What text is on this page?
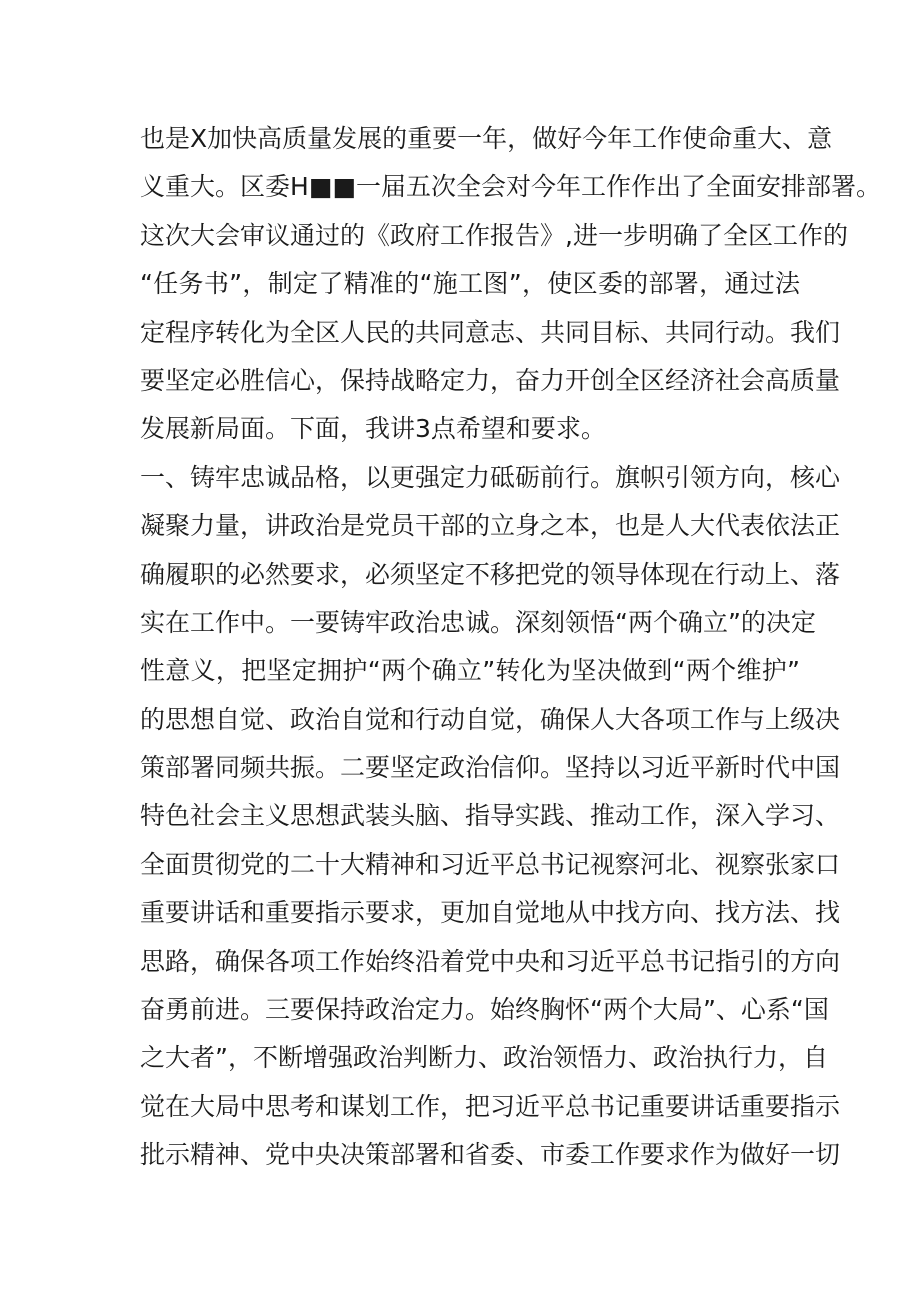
也是X加快高质量发展的重要一年，做好今年工作使命重大、意
义重大。区委H■■一届五次全会对今年工作作出了全面安排部署。
这次大会审议通过的《政府工作报告》,进一步明确了全区工作的
“任务书”，制定了精准的“施工图”，使区委的部署，通过法
定程序转化为全区人民的共同意志、共同目标、共同行动。我们
要坚定必胜信心，保持战略定力，奋力开创全区经济社会高质量
发展新局面。下面，我讲3点希望和要求。
一、铸牢忠诚品格，以更强定力砥砺前行。旗帜引领方向，核心
凝聚力量，讲政治是党员干部的立身之本，也是人大代表依法正
确履职的必然要求，必须坚定不移把党的领导体现在行动上、落
实在工作中。一要铸牢政治忠诚。深刻领悟“两个确立”的决定
性意义，把坚定拥护“两个确立”转化为坚决做到“两个维护”
的思想自觉、政治自觉和行动自觉，确保人大各项工作与上级决
策部署同频共振。二要坚定政治信仰。坚持以习近平新时代中国
特色社会主义思想武装头脑、指导实践、推动工作，深入学习、
全面贯彻党的二十大精神和习近平总书记视察河北、视察张家口
重要讲话和重要指示要求，更加自觉地从中找方向、找方法、找
思路，确保各项工作始终沿着党中央和习近平总书记指引的方向
奋勇前进。三要保持政治定力。始终胸怀“两个大局”、心系“国
之大者”，不断增强政治判断力、政治领悟力、政治执行力，自
觉在大局中思考和谋划工作，把习近平总书记重要讲话重要指示
批示精神、党中央决策部署和省委、市委工作要求作为做好一切
